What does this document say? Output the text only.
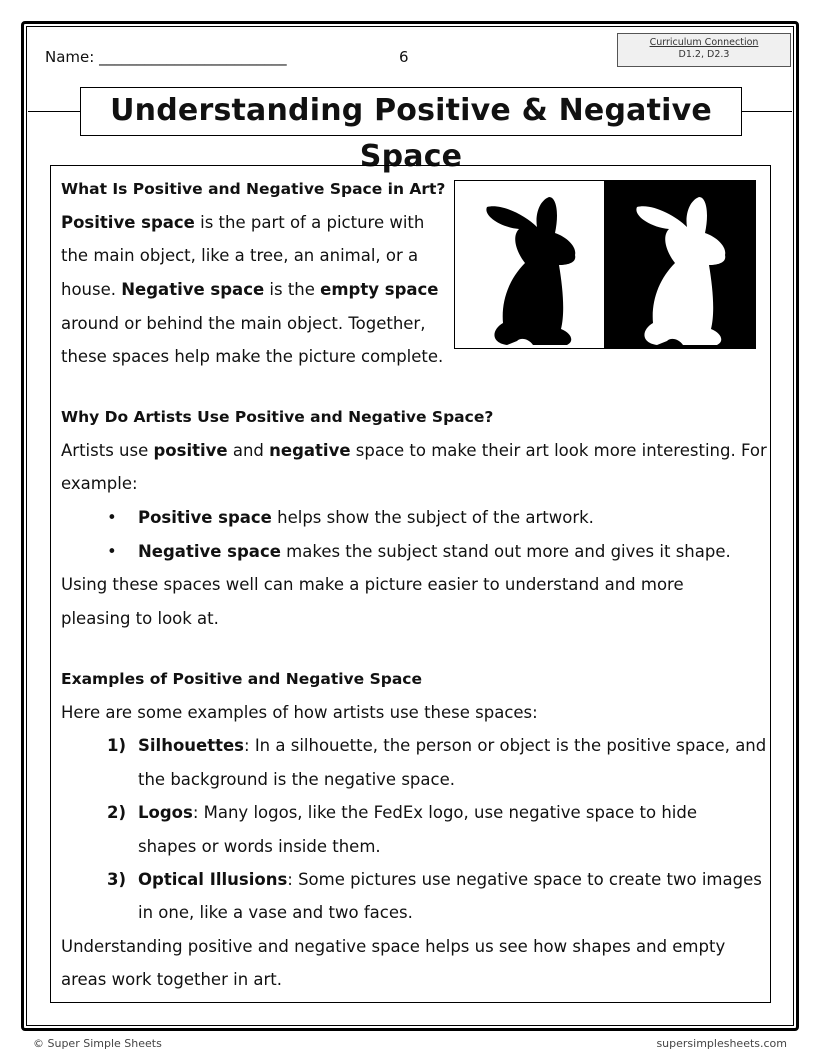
Name: _________________________	6
Curriculum Connection
D1.2, D2.3
Understanding Positive & Negative Space
What Is Positive and Negative Space in Art?
Positive space is the part of a picture with
the main object, like a tree, an animal, or a
house. Negative space is the empty space
around or behind the main object. Together,
these spaces help make the picture complete.
Why Do Artists Use Positive and Negative Space?
Artists use positive and negative space to make their art look more interesting. For
example:
• Positive space helps show the subject of the artwork.
• Negative space makes the subject stand out more and gives it shape.
Using these spaces well can make a picture easier to understand and more
pleasing to look at.
Examples of Positive and Negative Space
Here are some examples of how artists use these spaces:
1) Silhouettes: In a silhouette, the person or object is the positive space, and
the background is the negative space.
2) Logos: Many logos, like the FedEx logo, use negative space to hide
shapes or words inside them.
3) Optical Illusions: Some pictures use negative space to create two images
in one, like a vase and two faces.
Understanding positive and negative space helps us see how shapes and empty
areas work together in art.
© Super Simple Sheets	supersimplesheets.com
